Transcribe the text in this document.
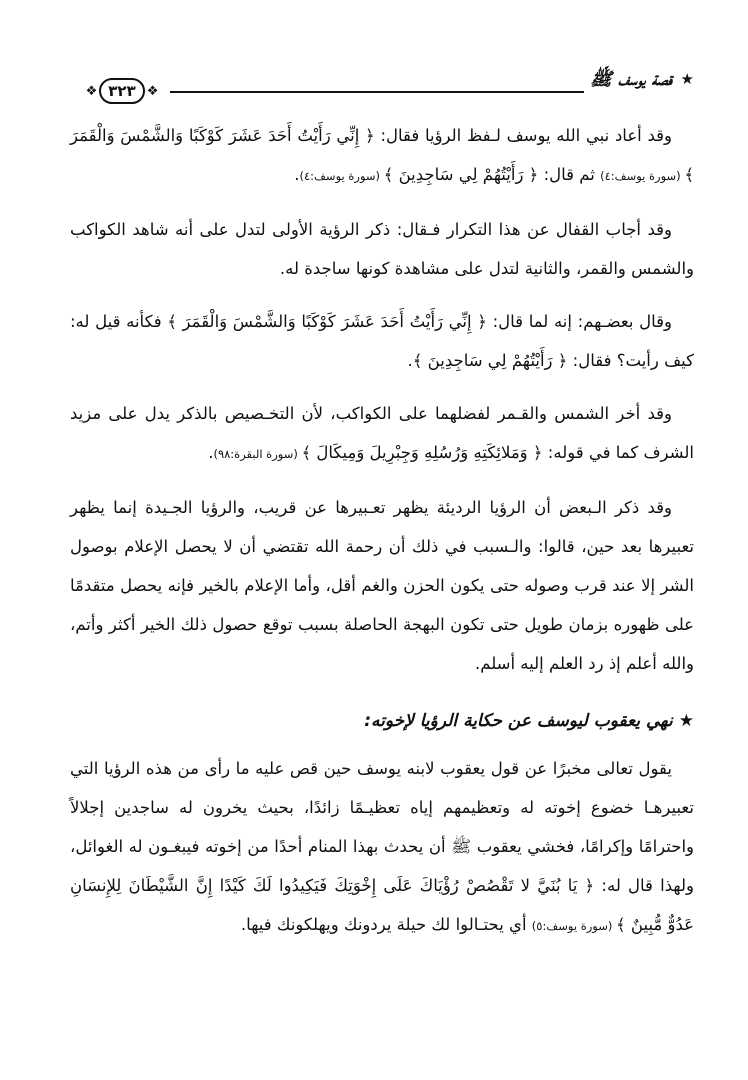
★
قصة يوسف ﷺ
❖ ٣٢٣ ❖

وقد أعاد نبي الله يوسف لـفظ الرؤيا فقال: ﴿ إِنِّي رَأَيْتُ أَحَدَ عَشَرَ كَوْكَبًا وَالشَّمْسَ وَالْقَمَرَ ﴾ (سورة يوسف:٤) ثم قال: ﴿ رَأَيْتُهُمْ لِي سَاجِدِينَ ﴾ (سورة يوسف:٤).

وقد أجاب القفال عن هذا التكرار فـقال: ذكر الرؤية الأولى لتدل على أنه شاهد الكواكب والشمس والقمر، والثانية لتدل على مشاهدة كونها ساجدة له.

وقال بعضـهم: إنه لما قال: ﴿ إِنِّي رَأَيْتُ أَحَدَ عَشَرَ كَوْكَبًا وَالشَّمْسَ وَالْقَمَرَ ﴾ فكأنه قيل له: كيف رأيت؟ فقال: ﴿ رَأَيْتُهُمْ لِي سَاجِدِينَ ﴾.

وقد أخر الشمس والقـمر لفضلهما على الكواكب، لأن التخـصيص بالذكر يدل على مزيد الشرف كما في قوله: ﴿ وَمَلائِكَتِهِ وَرُسُلِهِ وَجِبْرِيلَ وَمِيكَالَ ﴾ (سورة البقرة:٩٨).

وقد ذكر الـبعض أن الرؤيا الرديئة يظهر تعـبيرها عن قريب، والرؤيا الجـيدة إنما يظهر تعبيرها بعد حين، قالوا: والـسبب في ذلك أن رحمة الله تقتضي أن لا يحصل الإعلام بوصول الشر إلا عند قرب وصوله حتى يكون الحزن والغم أقل، وأما الإعلام بالخير فإنه يحصل متقدمًا على ظهوره بزمان طويل حتى تكون البهجة الحاصلة بسبب توقع حصول ذلك الخير أكثر وأتم، والله أعلم إذ رد العلم إليه أسلم.

★نهي يعقوب ليوسف عن حكاية الرؤيا لإخوته:

يقول تعالى مخبرًا عن قول يعقوب لابنه يوسف حين قص عليه ما رأى من هذه الرؤيا التي تعبيرهـا خضوع إخوته له وتعظيمهم إياه تعظيـمًا زائدًا، بحيث يخرون له ساجدين إجلالاً واحترامًا وإكرامًا، فخشي يعقوب ﷺ أن يحدث بهذا المنام أحدًا من إخوته فيبغـون له الغوائل، ولهذا قال له: ﴿ يَا بُنَيَّ لا تَقْصُصْ رُؤْيَاكَ عَلَى إِخْوَتِكَ فَيَكِيدُوا لَكَ كَيْدًا إِنَّ الشَّيْطَانَ لِلإِنسَانِ عَدُوٌّ مُّبِينٌ ﴾ (سورة يوسف:٥) أي يحتـالوا لك حيلة يردونك ويهلكونك فيها.
